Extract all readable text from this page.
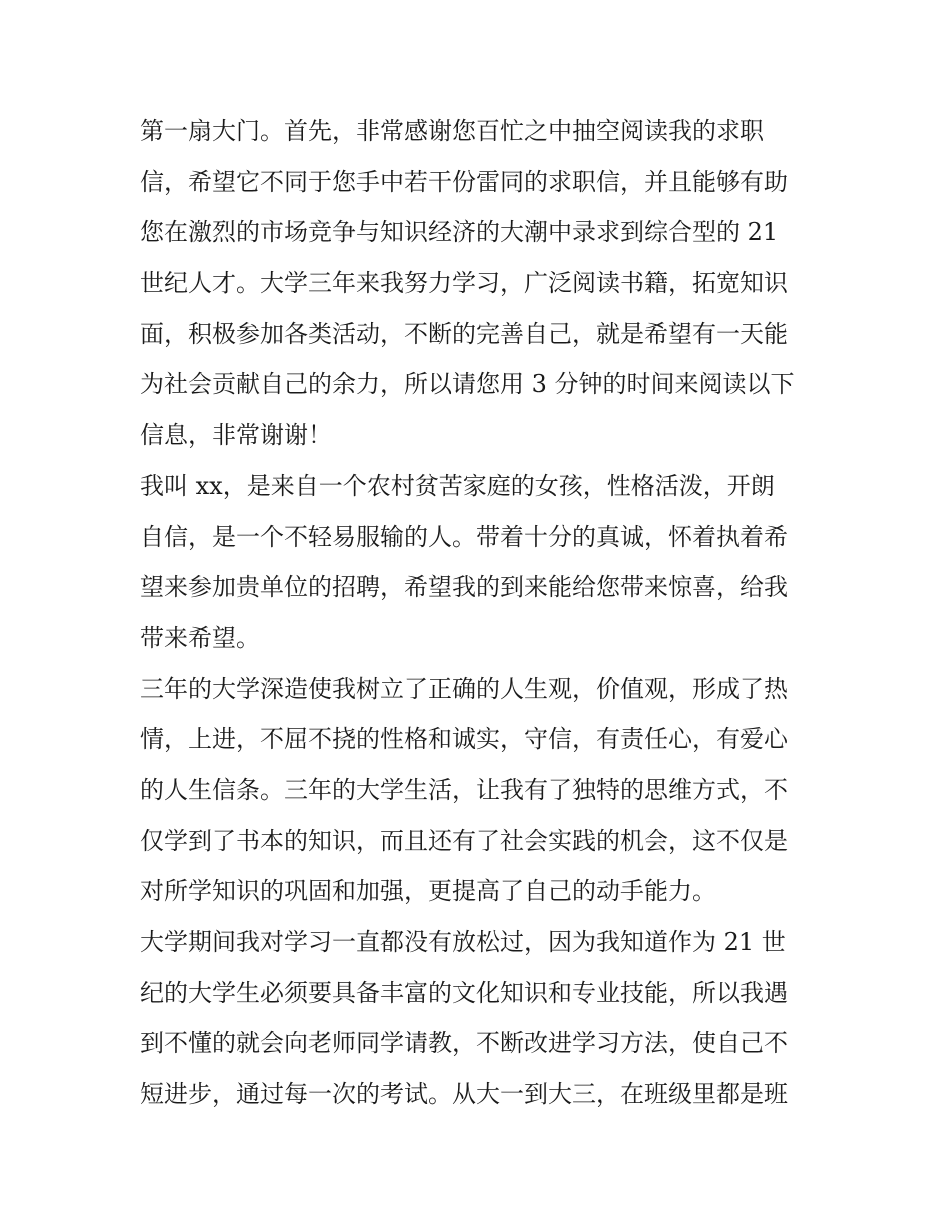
第一扇大门。首先，非常感谢您百忙之中抽空阅读我的求职
信，希望它不同于您手中若干份雷同的求职信，并且能够有助
您在激烈的市场竞争与知识经济的大潮中录求到综合型的 21
世纪人才。大学三年来我努力学习，广泛阅读书籍，拓宽知识
面，积极参加各类活动，不断的完善自己，就是希望有一天能
为社会贡献自己的余力，所以请您用 3 分钟的时间来阅读以下
信息，非常谢谢！
我叫 xx，是来自一个农村贫苦家庭的女孩，性格活泼，开朗
自信，是一个不轻易服输的人。带着十分的真诚，怀着执着希
望来参加贵单位的招聘，希望我的到来能给您带来惊喜，给我
带来希望。
三年的大学深造使我树立了正确的人生观，价值观，形成了热
情，上进，不屈不挠的性格和诚实，守信，有责任心，有爱心
的人生信条。三年的大学生活，让我有了独特的思维方式，不
仅学到了书本的知识，而且还有了社会实践的机会，这不仅是
对所学知识的巩固和加强，更提高了自己的动手能力。
大学期间我对学习一直都没有放松过，因为我知道作为 21 世
纪的大学生必须要具备丰富的文化知识和专业技能，所以我遇
到不懂的就会向老师同学请教，不断改进学习方法，使自己不
短进步，通过每一次的考试。从大一到大三，在班级里都是班
